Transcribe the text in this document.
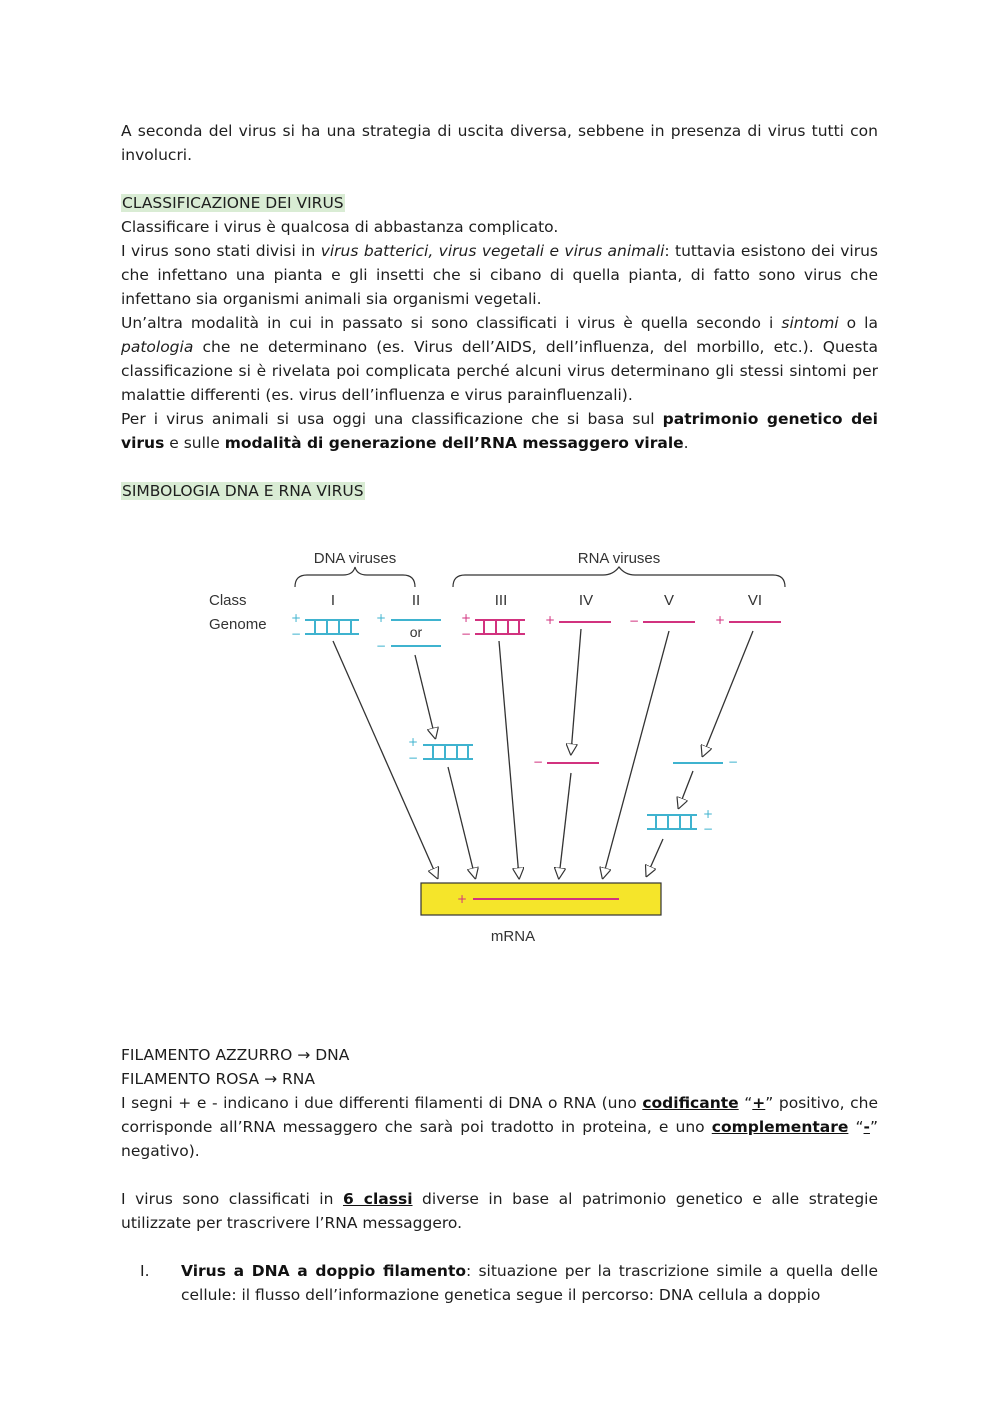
A seconda del virus si ha una strategia di uscita diversa, sebbene in presenza di virus tutti con involucri.

CLASSIFICAZIONE DEI VIRUS

Classificare i virus è qualcosa di abbastanza complicato.

I virus sono stati divisi in virus batterici, virus vegetali e virus animali: tuttavia esistono dei virus che infettano una pianta e gli insetti che si cibano di quella pianta, di fatto sono virus che infettano sia organismi animali sia organismi vegetali.

Un’altra modalità in cui in passato si sono classificati i virus è quella secondo i sintomi o la patologia che ne determinano (es. Virus dell’AIDS, dell’influenza, del morbillo, etc.). Questa classificazione si è rivelata poi complicata perché alcuni virus determinano gli stessi sintomi per malattie differenti (es. virus dell’influenza e virus parainfluenzali).

Per i virus animali si usa oggi una classificazione che si basa sul patrimonio genetico dei virus e sulle modalità di generazione dell’RNA messaggero virale.

SIMBOLOGIA DNA E RNA VIRUS

DNA viruses	RNA viruses
Class
Genome
I	II	III	IV	V	VI
+
−
+
or
−
+
−
+	−	+
+
−	−	−
+
−
+
mRNA

FILAMENTO AZZURRO → DNA

FILAMENTO ROSA → RNA

I segni + e - indicano i due differenti filamenti di DNA o RNA (uno codificante “+” positivo, che corrisponde all’RNA messaggero che sarà poi tradotto in proteina, e uno complementare “-” negativo).

I virus sono classificati in 6 classi diverse in base al patrimonio genetico e alle strategie utilizzate per trascrivere l’RNA messaggero.

I. Virus a DNA a doppio filamento: situazione per la trascrizione simile a quella delle cellule: il flusso dell’informazione genetica segue il percorso: DNA cellula a doppio
